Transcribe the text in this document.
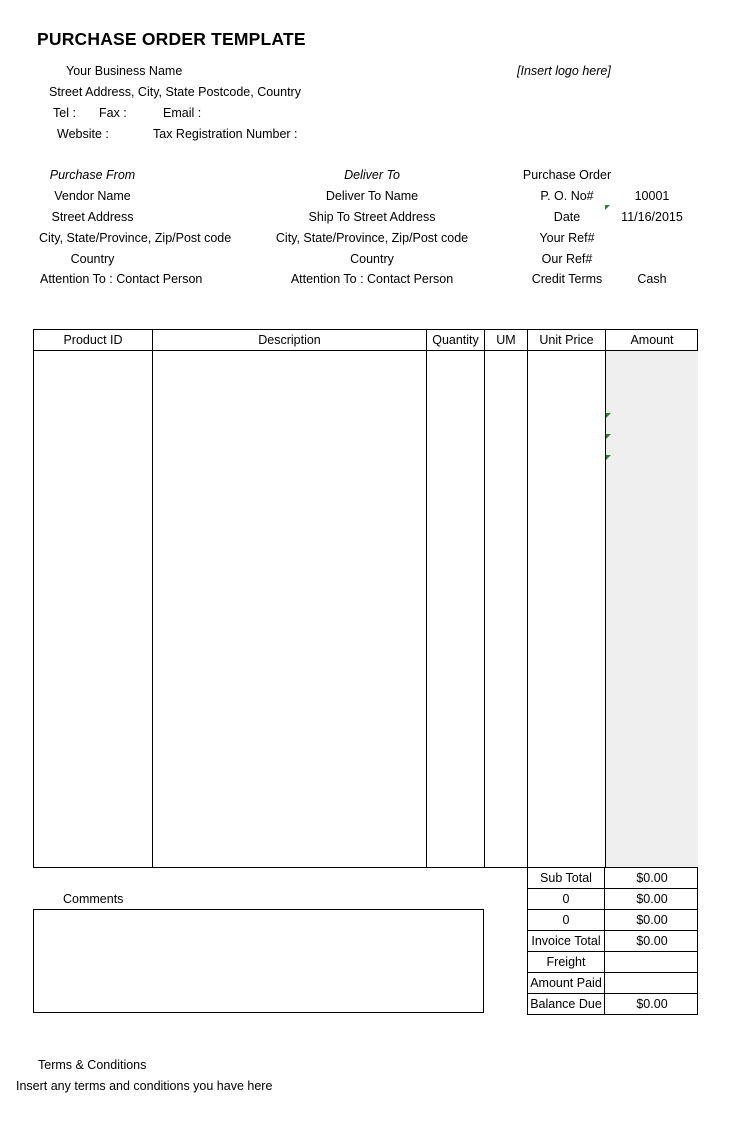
PURCHASE ORDER TEMPLATE
Your Business Name
Street Address, City, State Postcode, Country
Tel : Fax :	Email :
Website :	Tax Registration Number :
[Insert logo here]
Purchase From
Vendor Name
Street Address
City, State/Province, Zip/Post code
Country
Attention To : Contact Person
Deliver To
Deliver To Name
Ship To Street Address
City, State/Province, Zip/Post code
Country
Attention To : Contact Person
Purchase Order
P. O. No#	10001
Date	11/16/2015
Your Ref#
Our Ref#
Credit Terms	Cash
Product ID	Description	Quantity	UM	Unit Price	Amount
Sub Total	$0.00
0	$0.00
0	$0.00
Invoice Total	$0.00
Freight
Amount Paid
Balance Due	$0.00
Comments
Terms & Conditions
Insert any terms and conditions you have here
